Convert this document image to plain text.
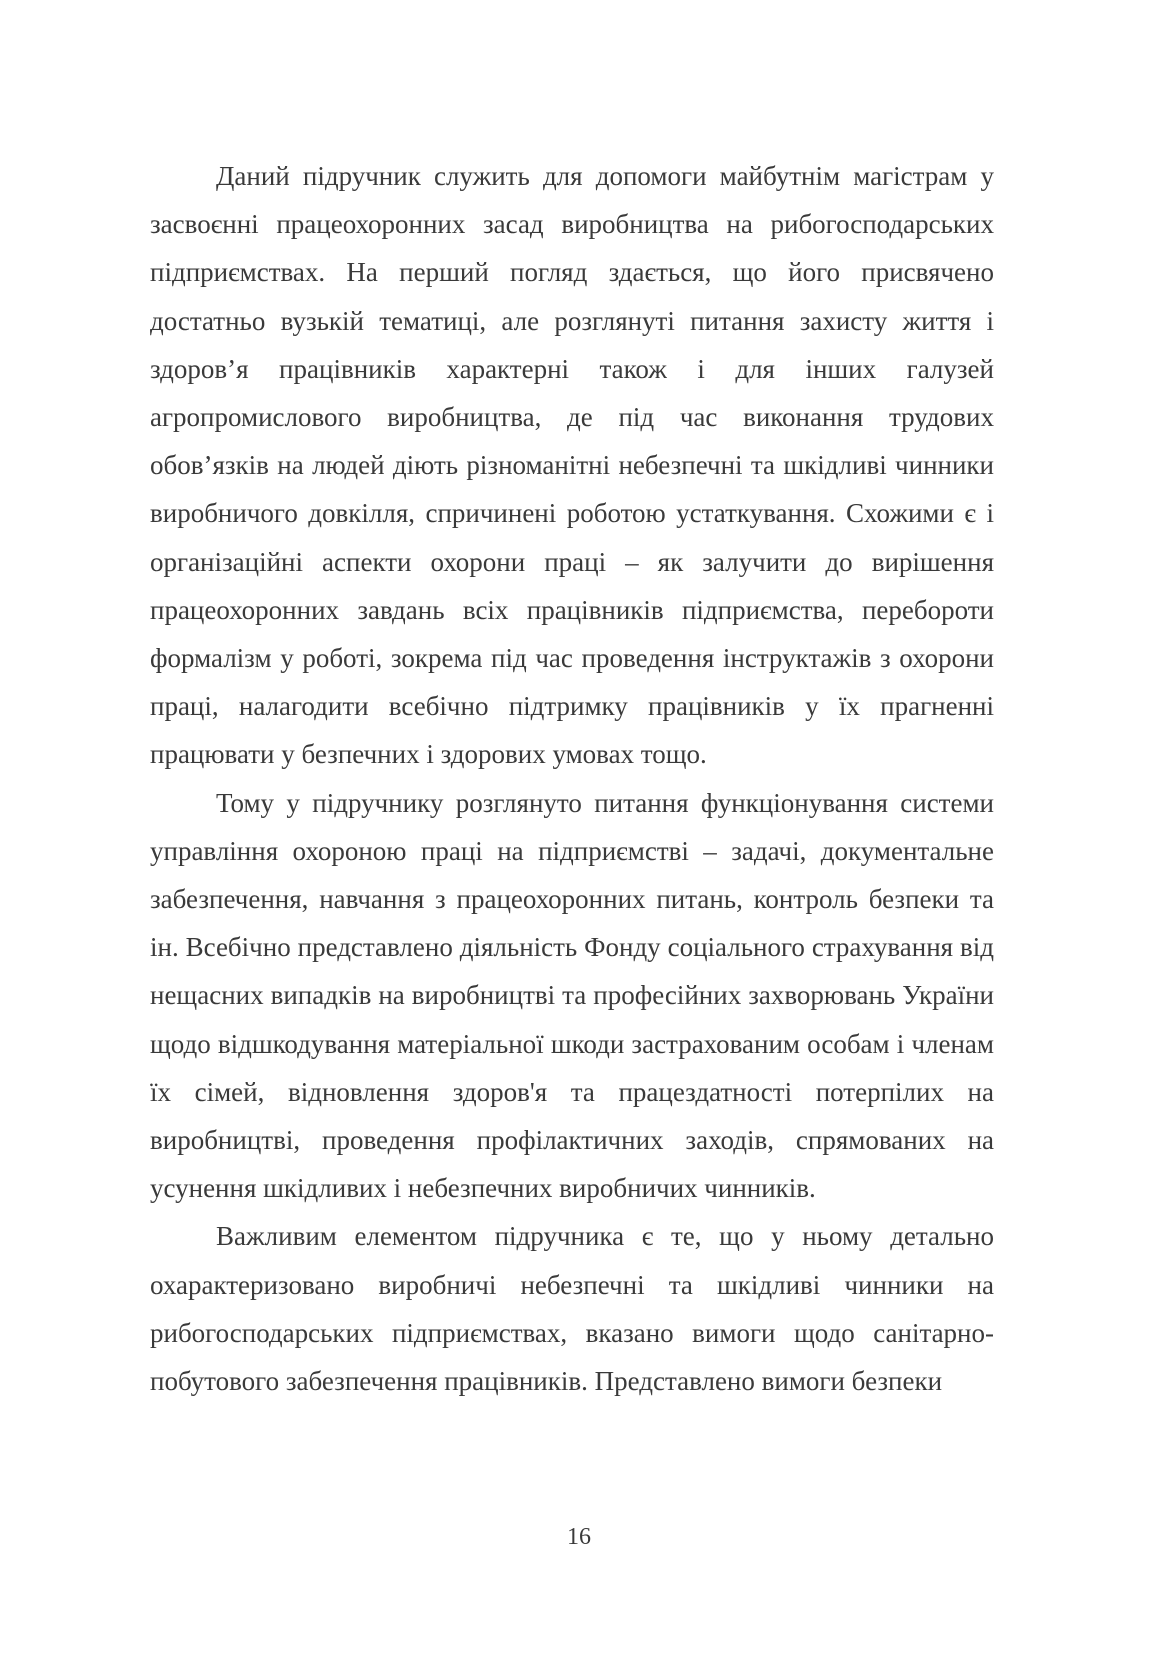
Даний підручник служить для допомоги майбутнім магістрам у засвоєнні працеохоронних засад виробництва на рибогосподарських підприємствах. На перший погляд здається, що його присвячено достатньо вузькій тематиці, але розглянуті питання захисту життя і здоров’я працівників характерні також і для інших галузей агропромислового виробництва, де під час виконання трудових обов’язків на людей діють різноманітні небезпечні та шкідливі чинники виробничого довкілля, спричинені роботою устаткування. Схожими є і організаційні аспекти охорони праці – як залучити до вирішення працеохоронних завдань всіх працівників підприємства, перебороти формалізм у роботі, зокрема під час проведення інструктажів з охорони праці, налагодити всебічно підтримку працівників у їх прагненні працювати у безпечних і здорових умовах тощо.

Тому у підручнику розглянуто питання функціонування системи управління охороною праці на підприємстві – задачі, документальне забезпечення, навчання з працеохоронних питань, контроль безпеки та ін. Всебічно представлено діяльність Фонду соціального страхування від нещасних випадків на виробництві та професійних захворювань України щодо відшкодування матеріальної шкоди застрахованим особам і членам їх сімей, відновлення здоров'я та працездатності потерпілих на виробництві, проведення профілактичних заходів, спрямованих на усунення шкідливих і небезпечних виробничих чинників.

Важливим елементом підручника є те, що у ньому детально охарактеризовано виробничі небезпечні та шкідливі чинники на рибогосподарських підприємствах, вказано вимоги щодо санітарно-побутового забезпечення працівників. Представлено вимоги безпеки

16
